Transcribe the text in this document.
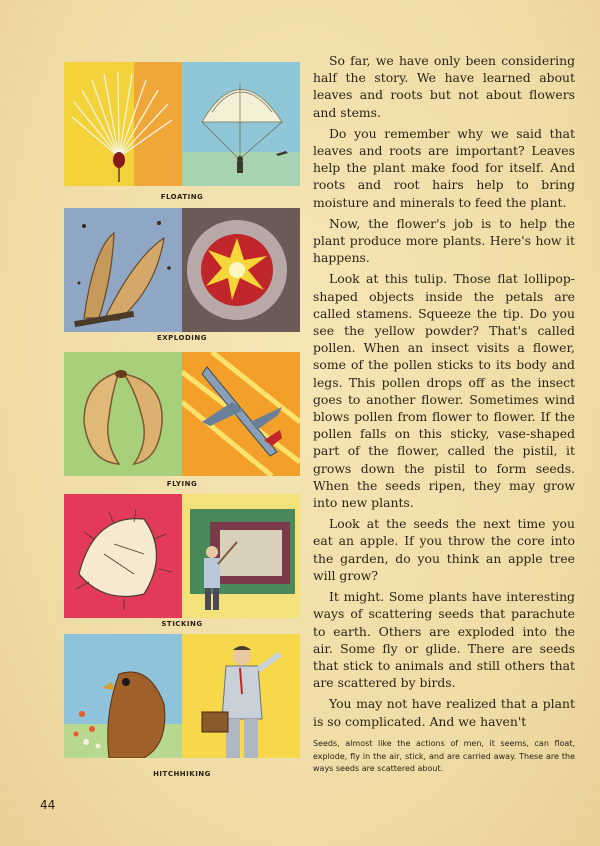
FLOATING
EXPLODING
FLYING
STICKING
HITCHHIKING

So far, we have only been considering half the story. We have learned about leaves and roots but not about flowers and stems.

Do you remember why we said that leaves and roots are important? Leaves help the plant make food for itself. And roots and root hairs help to bring moisture and minerals to feed the plant.

Now, the flower's job is to help the plant produce more plants. Here's how it happens.

Look at this tulip. Those flat lollipop-shaped objects inside the petals are called stamens. Squeeze the tip. Do you see the yellow powder? That's called pollen. When an insect visits a flower, some of the pollen sticks to its body and legs. This pollen drops off as the insect goes to another flower. Sometimes wind blows pollen from flower to flower. If the pollen falls on this sticky, vase-shaped part of the flower, called the pistil, it grows down the pistil to form seeds. When the seeds ripen, they may grow into new plants.

Look at the seeds the next time you eat an apple. If you throw the core into the garden, do you think an apple tree will grow?

It might. Some plants have interesting ways of scattering seeds that parachute to earth. Others are exploded into the air. Some fly or glide. There are seeds that stick to animals and still others that are scattered by birds.

You may not have realized that a plant is so complicated. And we haven't

Seeds, almost like the actions of men, it seems, can float, explode, fly in the air, stick, and are carried away. These are the ways seeds are scattered about.
44
